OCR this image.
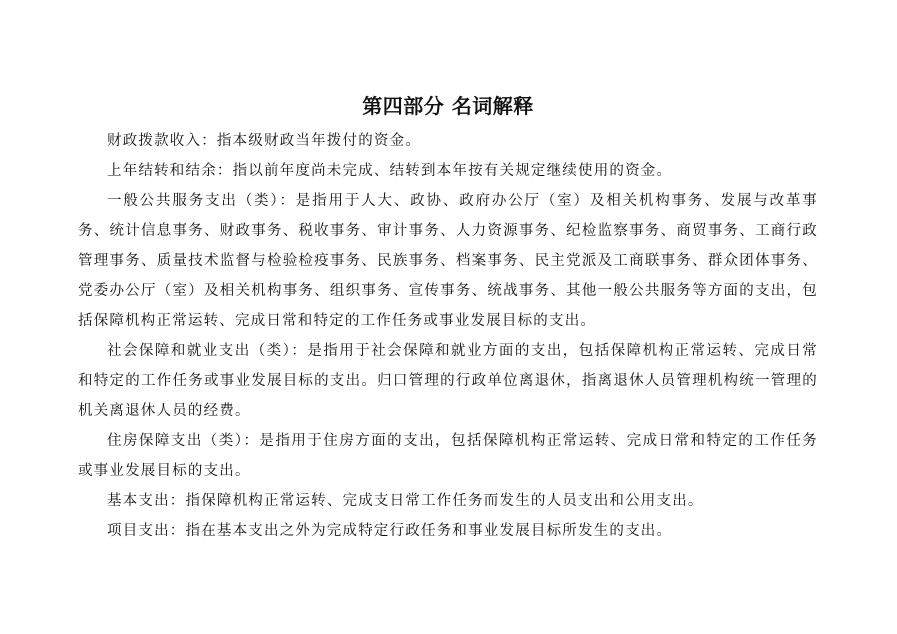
第四部分 名词解释

财政拨款收入：指本级财政当年拨付的资金。

上年结转和结余：指以前年度尚未完成、结转到本年按有关规定继续使用的资金。

一般公共服务支出（类）：是指用于人大、政协、政府办公厅（室）及相关机构事务、发展与改革事务、统计信息事务、财政事务、税收事务、审计事务、人力资源事务、纪检监察事务、商贸事务、工商行政管理事务、质量技术监督与检验检疫事务、民族事务、档案事务、民主党派及工商联事务、群众团体事务、党委办公厅（室）及相关机构事务、组织事务、宣传事务、统战事务、其他一般公共服务等方面的支出，包括保障机构正常运转、完成日常和特定的工作任务或事业发展目标的支出。

社会保障和就业支出（类）：是指用于社会保障和就业方面的支出，包括保障机构正常运转、完成日常和特定的工作任务或事业发展目标的支出。归口管理的行政单位离退休，指离退休人员管理机构统一管理的机关离退休人员的经费。

住房保障支出（类）：是指用于住房方面的支出，包括保障机构正常运转、完成日常和特定的工作任务或事业发展目标的支出。

基本支出：指保障机构正常运转、完成支日常工作任务而发生的人员支出和公用支出。

项目支出：指在基本支出之外为完成特定行政任务和事业发展目标所发生的支出。
